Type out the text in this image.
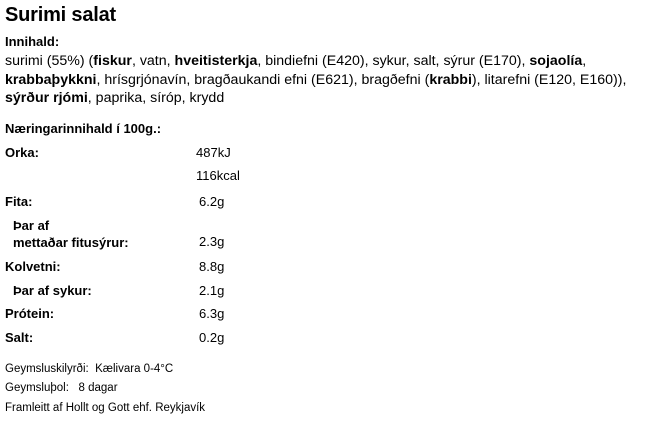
Surimi salat
Innihald:
surimi (55%) (fiskur, vatn, hveitisterkja, bindiefni (E420), sykur, salt, sýrur (E170), sojaolía, krabbaþykkni, hrísgrjónavín, bragðaukandi efni (E621), bragðefni (krabbi), litarefni (E120, E160)), sýrður rjómi, paprika, síróp, krydd
Næringarinnihald í 100g.:
Orka:	487kJ
116kcal
Fita:	6.2g
Þar af
mettaðar fitusýrur:	2.3g
Kolvetni:	8.8g
Þar af sykur:	2.1g
Prótein:	6.3g
Salt:	0.2g
Geymsluskilyrði: Kælivara 0-4°C
Geymsluþol: 8 dagar
Framleitt af Hollt og Gott ehf. Reykjavík
